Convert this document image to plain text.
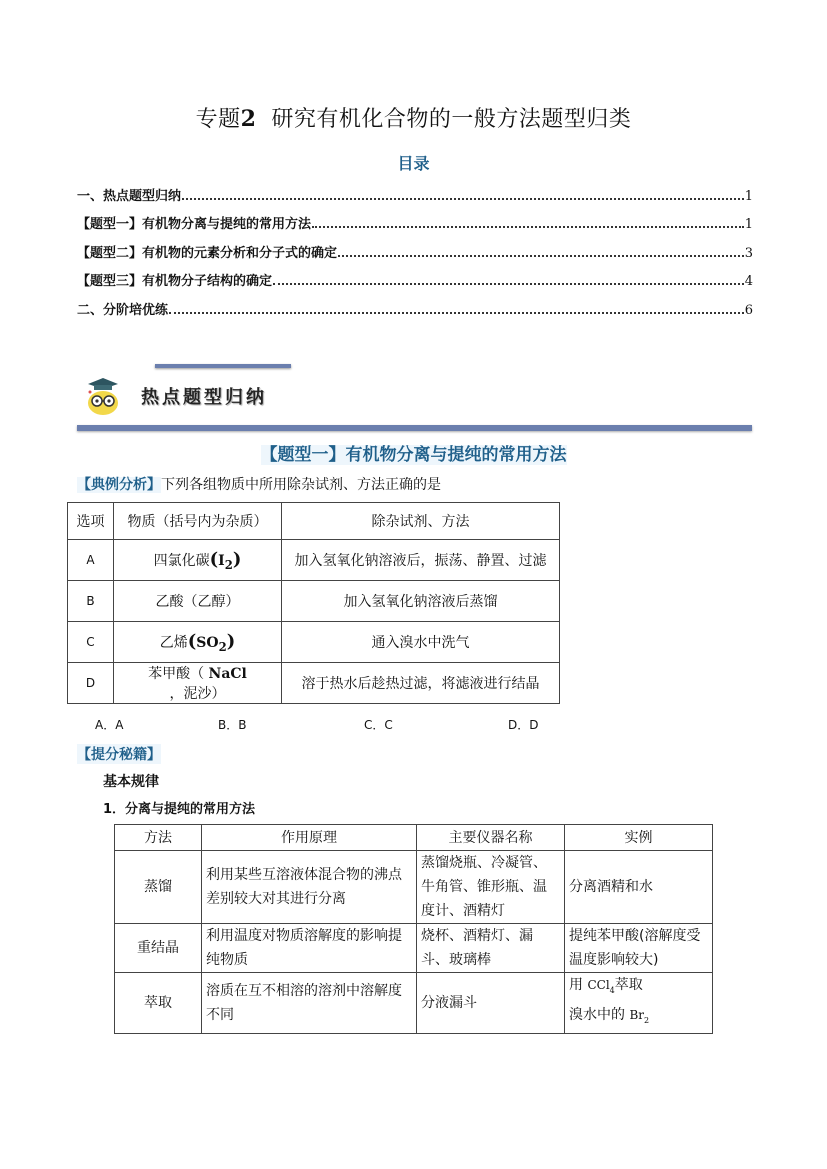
专题2 研究有机化合物的一般方法题型归类
目录
一、热点题型归纳	1
【题型一】有机物分离与提纯的常用方法	1
【题型二】有机物的元素分析和分子式的确定	3
【题型三】有机物分子结构的确定	4
二、分阶培优练	6
热点题型归纳
【题型一】有机物分离与提纯的常用方法
【典例分析】下列各组物质中所用除杂试剂、方法正确的是
选项	物质（括号内为杂质）	除杂试剂、方法
A	四氯化碳$(I_2)$	加入氢氧化钠溶液后，振荡、静置、过滤
B	乙酸（乙醇）	加入氢氧化钠溶液后蒸馏
C	乙烯$(SO_2)$	通入溴水中洗气
D	苯甲酸（ NaCl ，泥沙）	溶于热水后趁热过滤，将滤液进行结晶
A．A	B．B	C．C	D．D
【提分秘籍】
基本规律
1．分离与提纯的常用方法
方法	作用原理	主要仪器名称	实例
蒸馏	利用某些互溶液体混合物的沸点差别较大对其进行分离	蒸馏烧瓶、冷凝管、牛角管、锥形瓶、温度计、酒精灯	分离酒精和水
重结晶	利用温度对物质溶解度的影响提纯物质	烧杯、酒精灯、漏斗、玻璃棒	提纯苯甲酸(溶解度受温度影响较大)
萃取	溶质在互不相溶的溶剂中溶解度不同	分液漏斗	用 CCl$_4$萃取
溴水中的 $Br_2$
